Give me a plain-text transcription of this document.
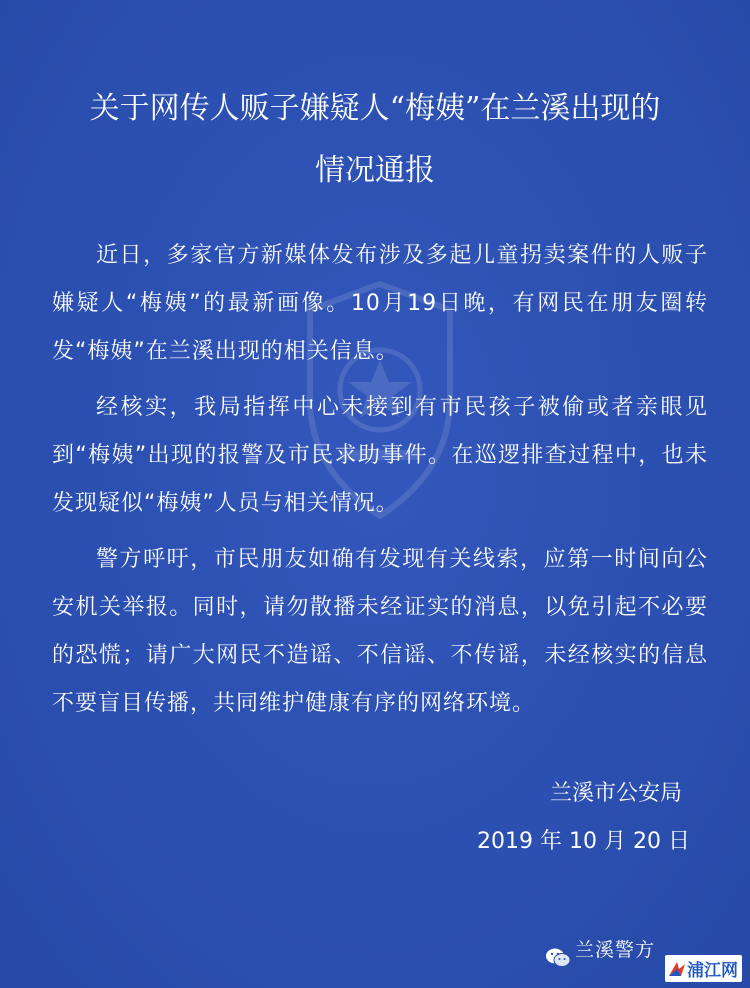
关于网传人贩子嫌疑人“梅姨”在兰溪出现的
情况通报

近日，多家官方新媒体发布涉及多起儿童拐卖案件的人贩子嫌疑人“梅姨”的最新画像。10月19日晚，有网民在朋友圈转发“梅姨”在兰溪出现的相关信息。

经核实，我局指挥中心未接到有市民孩子被偷或者亲眼见到“梅姨”出现的报警及市民求助事件。在巡逻排查过程中，也未发现疑似“梅姨”人员与相关情况。

警方呼吁，市民朋友如确有发现有关线索，应第一时间向公安机关举报。同时，请勿散播未经证实的消息，以免引起不必要的恐慌；请广大网民不造谣、不信谣、不传谣，未经核实的信息不要盲目传播，共同维护健康有序的网络环境。

兰溪市公安局
2019 年 10 月 20 日
兰溪警方
浦江网
